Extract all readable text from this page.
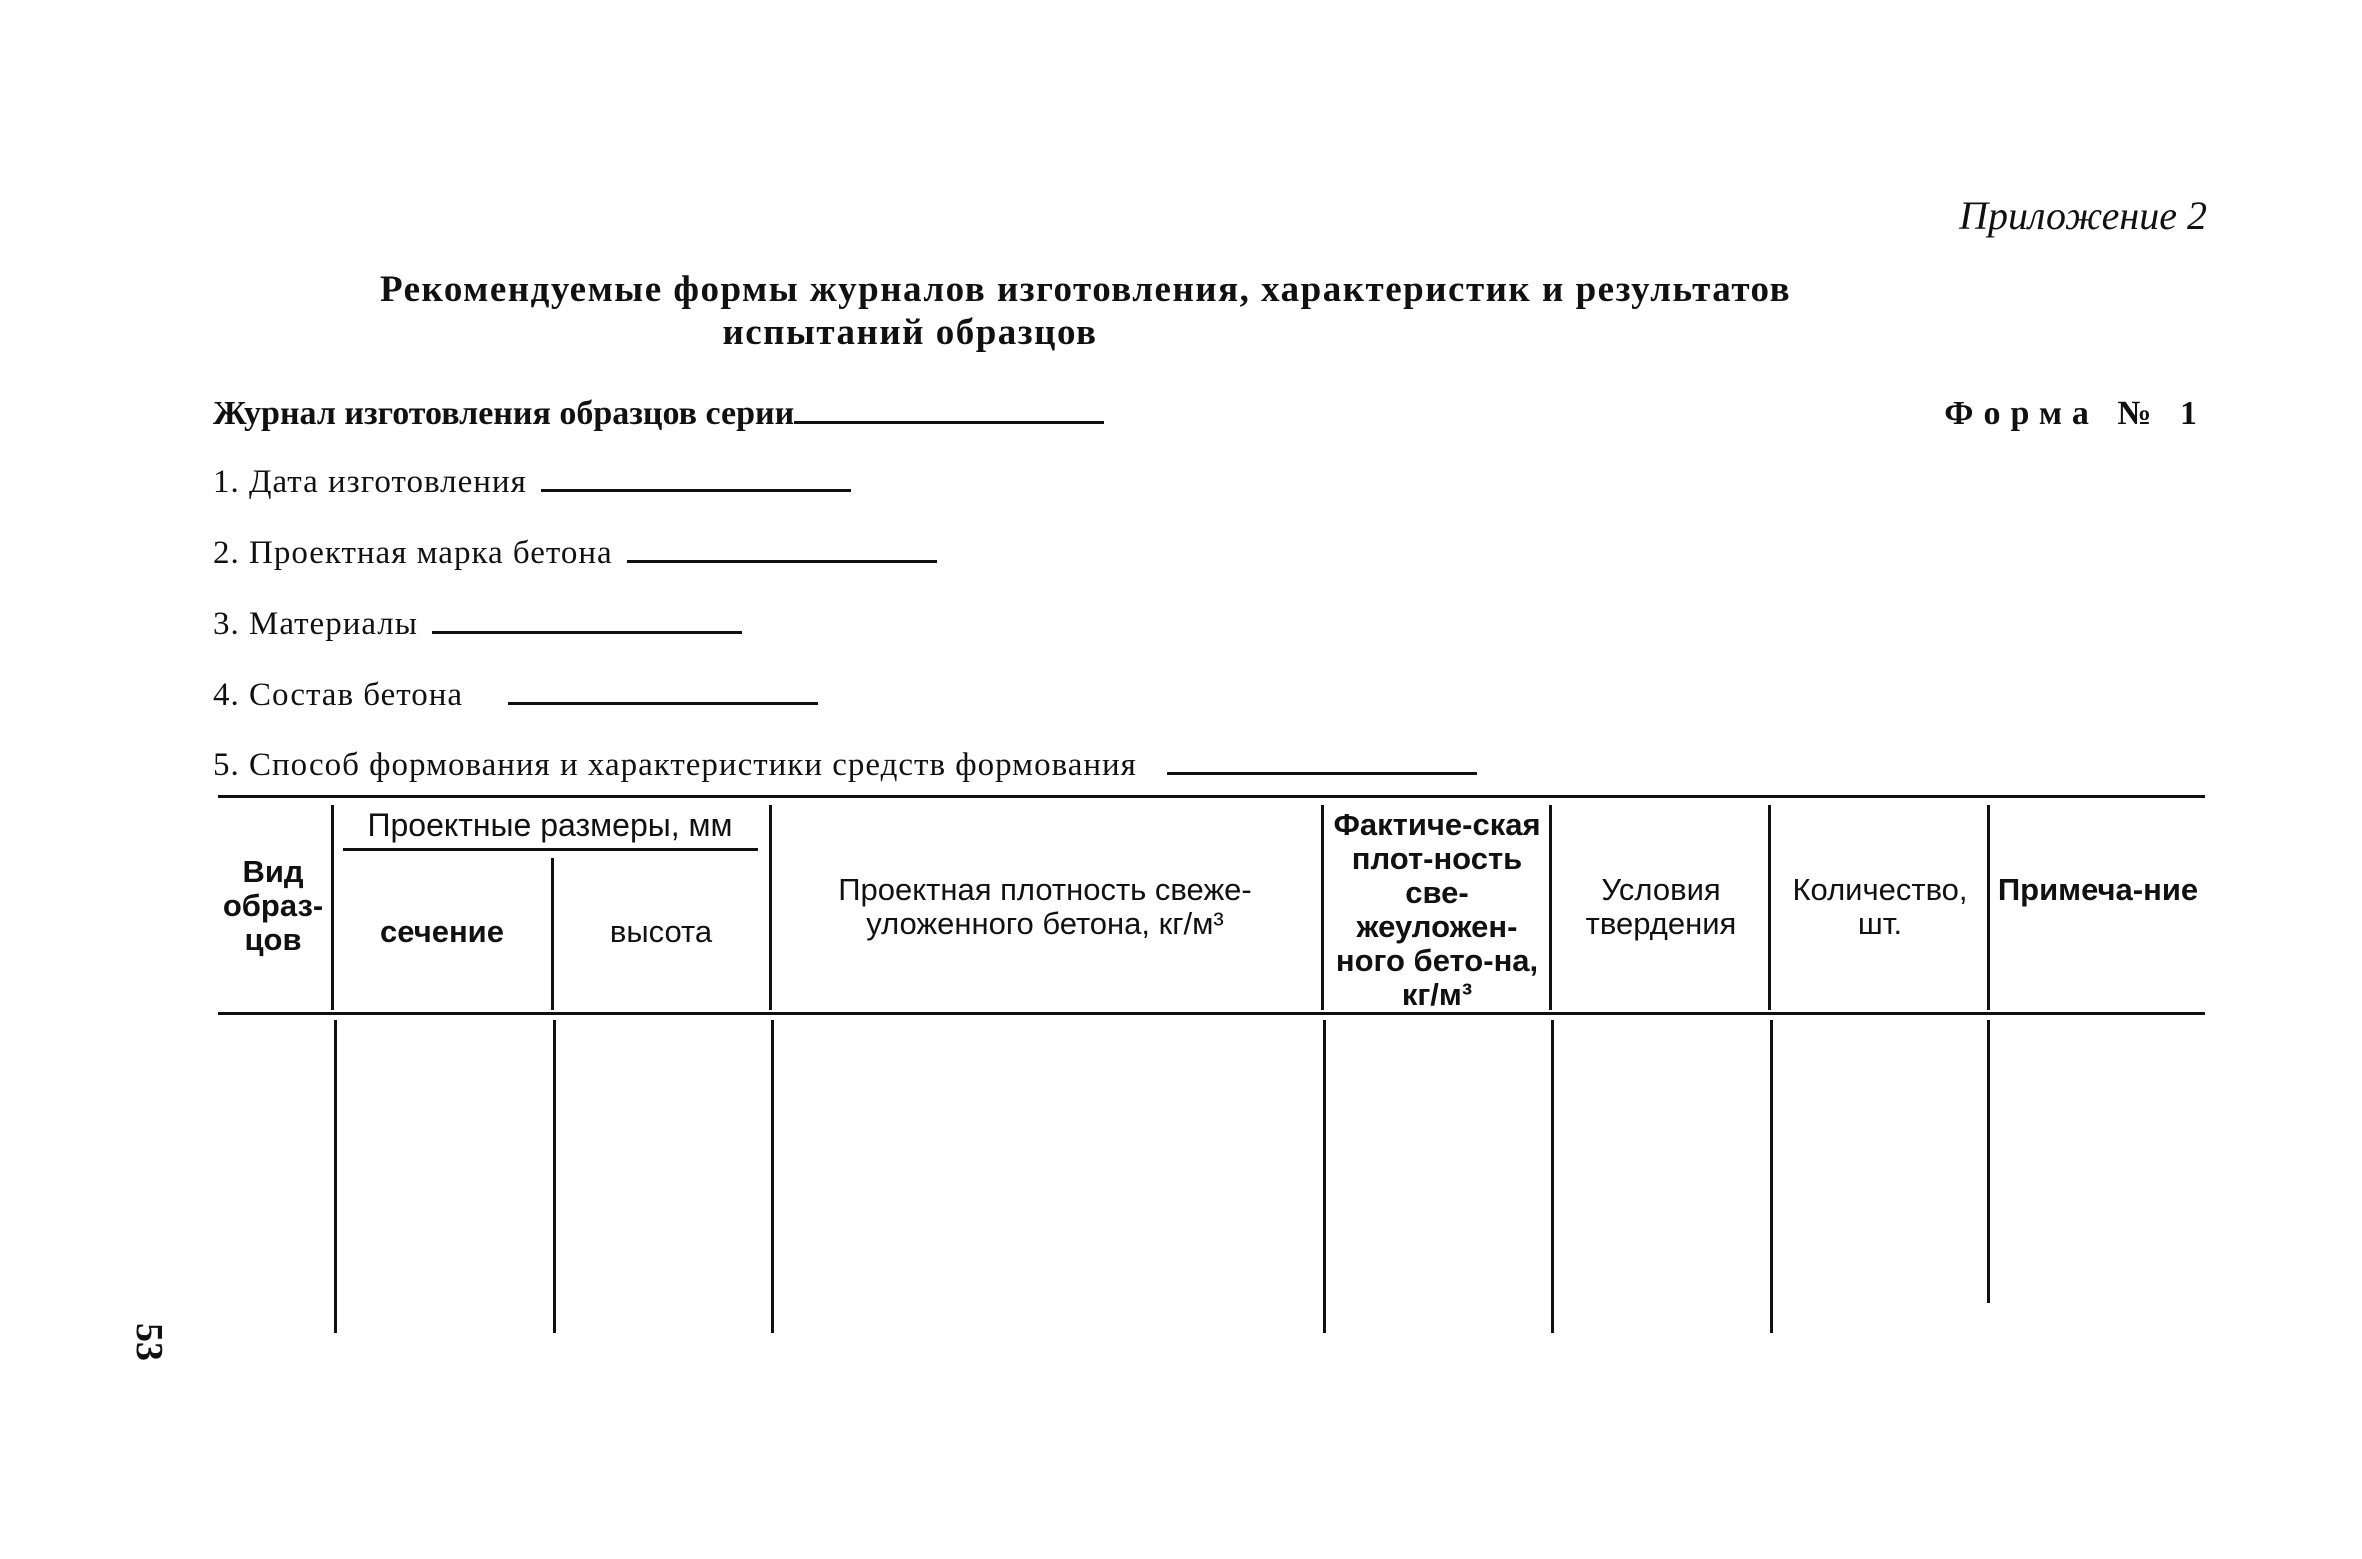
Приложение 2
Рекомендуемые формы журналов изготовления, характеристик и результатов
испытаний образцов
Журнал изготовления образцов серии	Форма № 1
1. Дата изготовления
2. Проектная марка бетона
3. Материалы
4. Состав бетона
5. Способ формования и характеристики средств формования
Вид образ-цов
Проектные размеры, мм
сечение	высота
Проектная плотность свеже-уложенного бетона, кг/м³
Фактиче-ская плот-ность све-жеуложен-ного бето-на, кг/м³
Условия твердения
Количество, шт.
Примеча-ние
53
